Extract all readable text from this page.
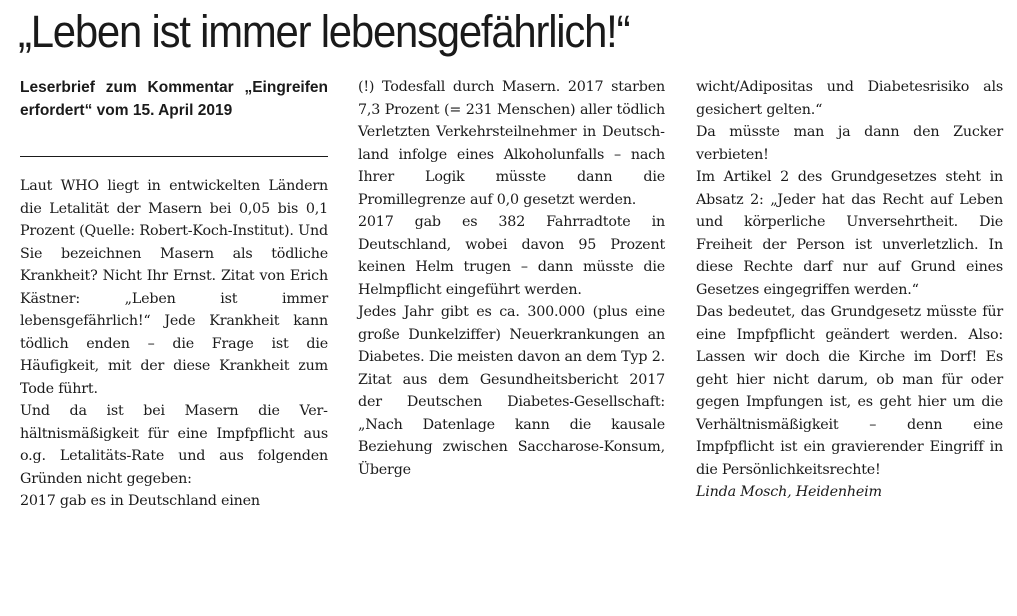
„Leben ist immer lebensgefährlich!“
Leserbrief zum Kommentar „Eingreifen erfordert“ vom 15. April 2019

Laut WHO liegt in entwickelten Ländern die Letalität der Masern bei 0,05 bis 0,1 Prozent (Quelle: Robert-Koch-Institut). Und Sie bezeichnen Masern als tödliche Krankheit? Nicht Ihr Ernst. Zitat von Erich Kästner: „Leben ist immer lebensgefährlich!“ Jede Krankheit kann tödlich enden – die Frage ist die Häufigkeit, mit der diese Krankheit zum Tode führt.

Und da ist bei Masern die Verhältnismäßigkeit für eine Impfpflicht aus o.g. Letalitäts-Rate und aus folgenden Gründen nicht gegeben:

2017 gab es in Deutschland einen

(!) Todesfall durch Masern. 2017 starben 7,3 Prozent (= 231 Menschen) aller tödlich Verletzten Verkehrsteilnehmer in Deutschland infolge eines Alkoholunfalls – nach Ihrer Logik müsste dann die Promillegrenze auf 0,0 gesetzt werden.

2017 gab es 382 Fahrradtote in Deutschland, wobei davon 95 Prozent keinen Helm trugen – dann müsste die Helmpflicht eingeführt werden.

Jedes Jahr gibt es ca. 300.000 (plus eine große Dunkelziffer) Neuerkrankungen an Diabetes. Die meisten davon an dem Typ 2. Zitat aus dem Gesundheitsbericht 2017 der Deutschen Diabetes-Gesellschaft: „Nach Datenlage kann die kausale Beziehung zwischen Saccharose-Konsum, Überge

wicht/Adipositas und Diabetesrisiko als gesichert gelten.“

Da müsste man ja dann den Zucker verbieten!

Im Artikel 2 des Grundgesetzes steht in Absatz 2: „Jeder hat das Recht auf Leben und körperliche Unversehrtheit. Die Freiheit der Person ist unverletzlich. In diese Rechte darf nur auf Grund eines Gesetzes eingegriffen werden.“

Das bedeutet, das Grundgesetz müsste für eine Impfpflicht geändert werden. Also: Lassen wir doch die Kirche im Dorf! Es geht hier nicht darum, ob man für oder gegen Impfungen ist, es geht hier um die Verhältnismäßigkeit – denn eine Impfpflicht ist ein gravierender Eingriff in die Persönlichkeitsrechte!

Linda Mosch, Heidenheim
